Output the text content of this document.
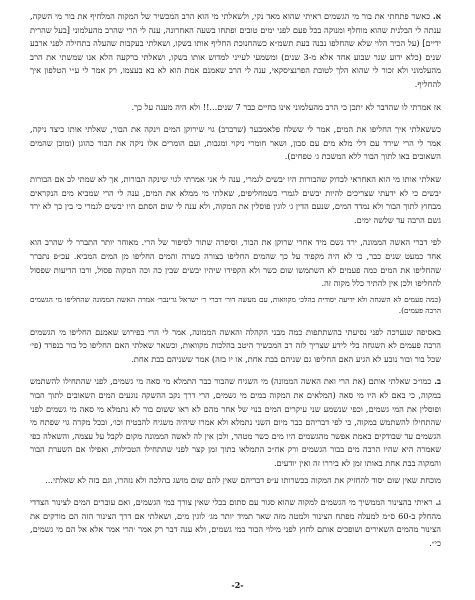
א. כאשר פתחתי את בור מי הגשמים ראיתי שהוא מאד נקי, ולשאלתי מי הוא הרב המכשיר של המקוה המלחיף את בור מי השקה, ענתה לי הבלנית שהוא מוחלף ומנוקה בכל פעם לפני ימים טובים ופתחו בשעה האחרונה, ענה לי הרי שהרב מהעלמוני [בעל שהרית ידיים] (על הכיר הלוי שלא שהחלפו נבנה בעת תשמ״א כשהחנוכת החליף אותו בשקו, ושאלתי בעקבות שהעלה בתחילה לפני ארבע שנים (כלא ידוע שגר שבוע אחד אלא מ-3 שנים) ומשמעי לעייני למדוש אותו בשקו, ושאלתי ברקעה הלא אנו שמשתי את הרב מהעלמוני ולא זכור לי שהוא הלך לטובת הפרנציסקאי, ענה לי הרב שאמנם אמת הוא לא בא בעצמו, רק אמר לי ע״י הטלפון איך להחליף.

אז אמרתי לו שהדבר לא יתכן כי הרב מהעלמוני אינו בחיים כבר 7 שנים...!! ולא היה מענה על כך.

כששאלתי איך החליפו את המים, אמר לי ששלח פלאמבער (שרברב) גוי שירוקן המים וינקה את הבור, שאלתי אותו כיצד ניקה, אמר לי הרי שירד עם דלי מלא מים עם סבון, ושאר חומרי ניקוי ומגבות, ועם הומרים אלו ניקה את הבור כהוגן (ומובן שהמים השאובים באו לתוך הבור ללא המשכת ג׳ טפחים).

שאלתי אותו מי הוא האחראי לבדוק שהבורות היו יבשים לגמרי, ענה לי אני אמרתי לגוי שינקה הבורות, אך לא שמתי לב אם הבורות יבשים כי לא ידעתי שצריכים להיות יבשים לגמרי כשמחליפים, שאלתי מי ממלא את המים, ענה לי הרי שמביא מים הנקראים מבחוץ לתוך הבור ולא נמדד המים, שנעם הדין ג׳ לוגין פוסלין את המקוה, ולא ענה לי שום הסתם היו יבשים לגמרי כי בין כך לא ירד גשם הרבה עד שלשה ימים.

לפי דברי האשה הממונה, ירד גשם מיד אחרי שרוקן את הבור, וסיפרה שתור לסיפור של הרי. מאוחר יותר התברר לי שהרב הוא אחד כמעט שנים כבר, כי לא היה מקפיד על כך שהמים החליפו בצורה כשרה והמים החליפו מן המים המביא. עכ״פ נתברר שהחליפו את המים כמה פעמים לא השתמשו שום כשר ולא הקפידו שיהיו יבשים שבין כה וכה המקוה פסול, ורבו הדיעות שפסול להחליפו ולכן אין להתיר כלל מקוה זה.

(כמה פעמים לא השגחה ולא ידיעה יסודית בהלכ׳ מקוואות, עם מעשה דור׳ דברי ר׳ ישראל גרינבר׳ אמרה האשה הממונה שהחליפו מי הגשמים הרבה פעמים).

באסיפה שנערכה לפני נסיעתי בהשתתפות כמה מבני הקהלה והאשה הממונה, אמר לי הרי בפירוש שאמנם החליפו מי הגשמים הרבה פעמים לא השגחה בלי לידע שצריך לזה רב המכשיר היטב בהלכות מקוואות, וכשאר שאלתי האם החליפו כל בור בנפרד (פי׳ שכל בור ובור נובע לא הגיע האם החליפו גם שניהם בבת אחת, או יו בזה) אמר ששניהם בבת אחת.

ב. כמו״כ שאלתי אותם (את הרי ואת האשה הממונה) מי השגיח שהבור כבר התמלא מי סאה מי גשמים, לפני שהתחילו להשתמש במקוה, כי באם לא היו מי סאה (המלאים את המקוה במים מי גשמים, הרי דרך נקב ההשקה נוגעים המים השאובים לתוך הבור ופוסלין את המי גשמים, וכפי שנשמע שני עיקרים המים בנוי של אחר מהם לא ראו ששום בור לא נתמלא מי סאה מי גשמים לפני שהתחילו להשתמש במקוה, כי לפי דבריהם כבר מיום השני נתמלא ולא אמרו שיהיה משגיח להבטיח וכו׳, ובכל מקרה גוי שפתח מי הגשמים עד שבודקים באמת אפשר מהגשמים היו מים כשר מטהר, ולכן אין לה לאשה הממונה מקום לקבל על עצמה, והשאלה כפי שאמרה היא שהיו הרבה מים בבור הגשמים ורק אח״כ התמלאו בתוך זמן קצר לפני שהתחילו הטבילות, ואפילו אם השערת הבור והמקוה בבת אחת באותו זמן לא ביררו זה ואין יודעים.

מוכחת שאין שום יסוד להחזיק את המקוה בכשרותו ע״פ דבריהם שאין להם שום מושג בהלכה ולא נזהרו, וגם בזה לא שאלתי...

ג. ראיתי בהצינור הממשיך מי הגשמים למקוה שהוא סגור עם סתום בכלי שאין צורך במי הגשמים, ואם עוברים המים לצינור הצדדי מהחלק ב-60 ס״מ למעלה מפתח הצינור ולמטה מזה שאר תמיד יותר מג׳ לוגין מים, ושאלתי אם דרך הצינור הזה הם מורקים את הצינור מהמים השאירים ושופכים אותם לחוץ לפני מילוי הבור במי גשמים, ולא ענה דבר רק אמר ׳הרי אמר אלא אל הם מי גשמים, כי״.

-2-
